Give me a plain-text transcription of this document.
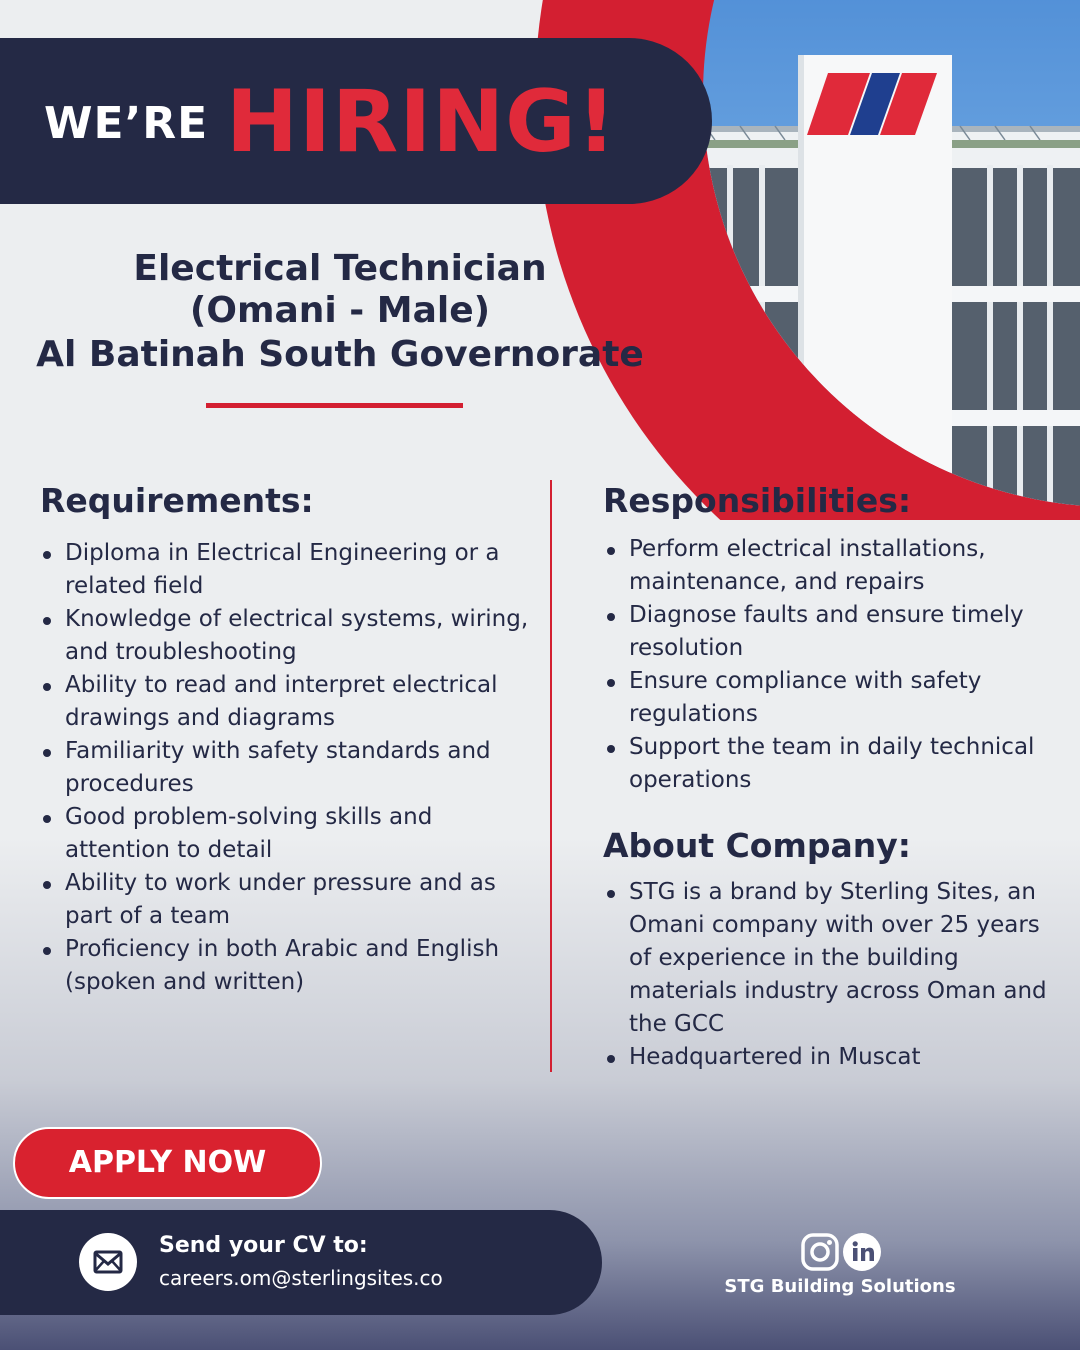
WE’RE HIRING!
Electrical Technician
(Omani - Male)
Al Batinah South Governorate
Requirements:
Diploma in Electrical Engineering or a related field
Knowledge of electrical systems, wiring, and troubleshooting
Ability to read and interpret electrical drawings and diagrams
Familiarity with safety standards and procedures
Good problem-solving skills and attention to detail
Ability to work under pressure and as part of a team
Proficiency in both Arabic and English (spoken and written)
Responsibilities:
Perform electrical installations, maintenance, and repairs
Diagnose faults and ensure timely resolution
Ensure compliance with safety regulations
Support the team in daily technical operations
About Company:
STG is a brand by Sterling Sites, an Omani company with over 25 years of experience in the building materials industry across Oman and the GCC
Headquartered in Muscat
APPLY NOW
Send your CV to:
careers.om@sterlingsites.co	STG Building Solutions
